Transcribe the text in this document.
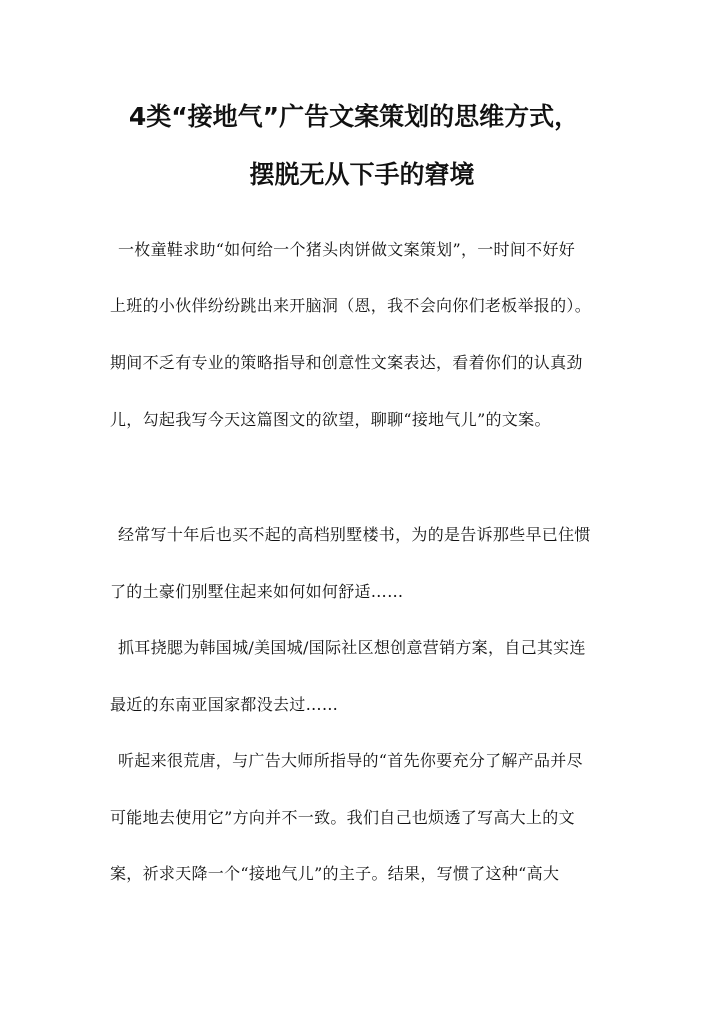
4类“接地气”广告文案策划的思维方式，
摆脱无从下手的窘境
一枚童鞋求助“如何给一个猪头肉饼做文案策划”，一时间不好好
上班的小伙伴纷纷跳出来开脑洞（恩，我不会向你们老板举报的）。
期间不乏有专业的策略指导和创意性文案表达，看着你们的认真劲
儿，勾起我写今天这篇图文的欲望，聊聊“接地气儿”的文案。
经常写十年后也买不起的高档别墅楼书，为的是告诉那些早已住惯
了的土豪们别墅住起来如何如何舒适……
抓耳挠腮为韩国城/美国城/国际社区想创意营销方案，自己其实连
最近的东南亚国家都没去过……
听起来很荒唐，与广告大师所指导的“首先你要充分了解产品并尽
可能地去使用它”方向并不一致。我们自己也烦透了写高大上的文
案，祈求天降一个“接地气儿”的主子。结果，写惯了这种“高大
